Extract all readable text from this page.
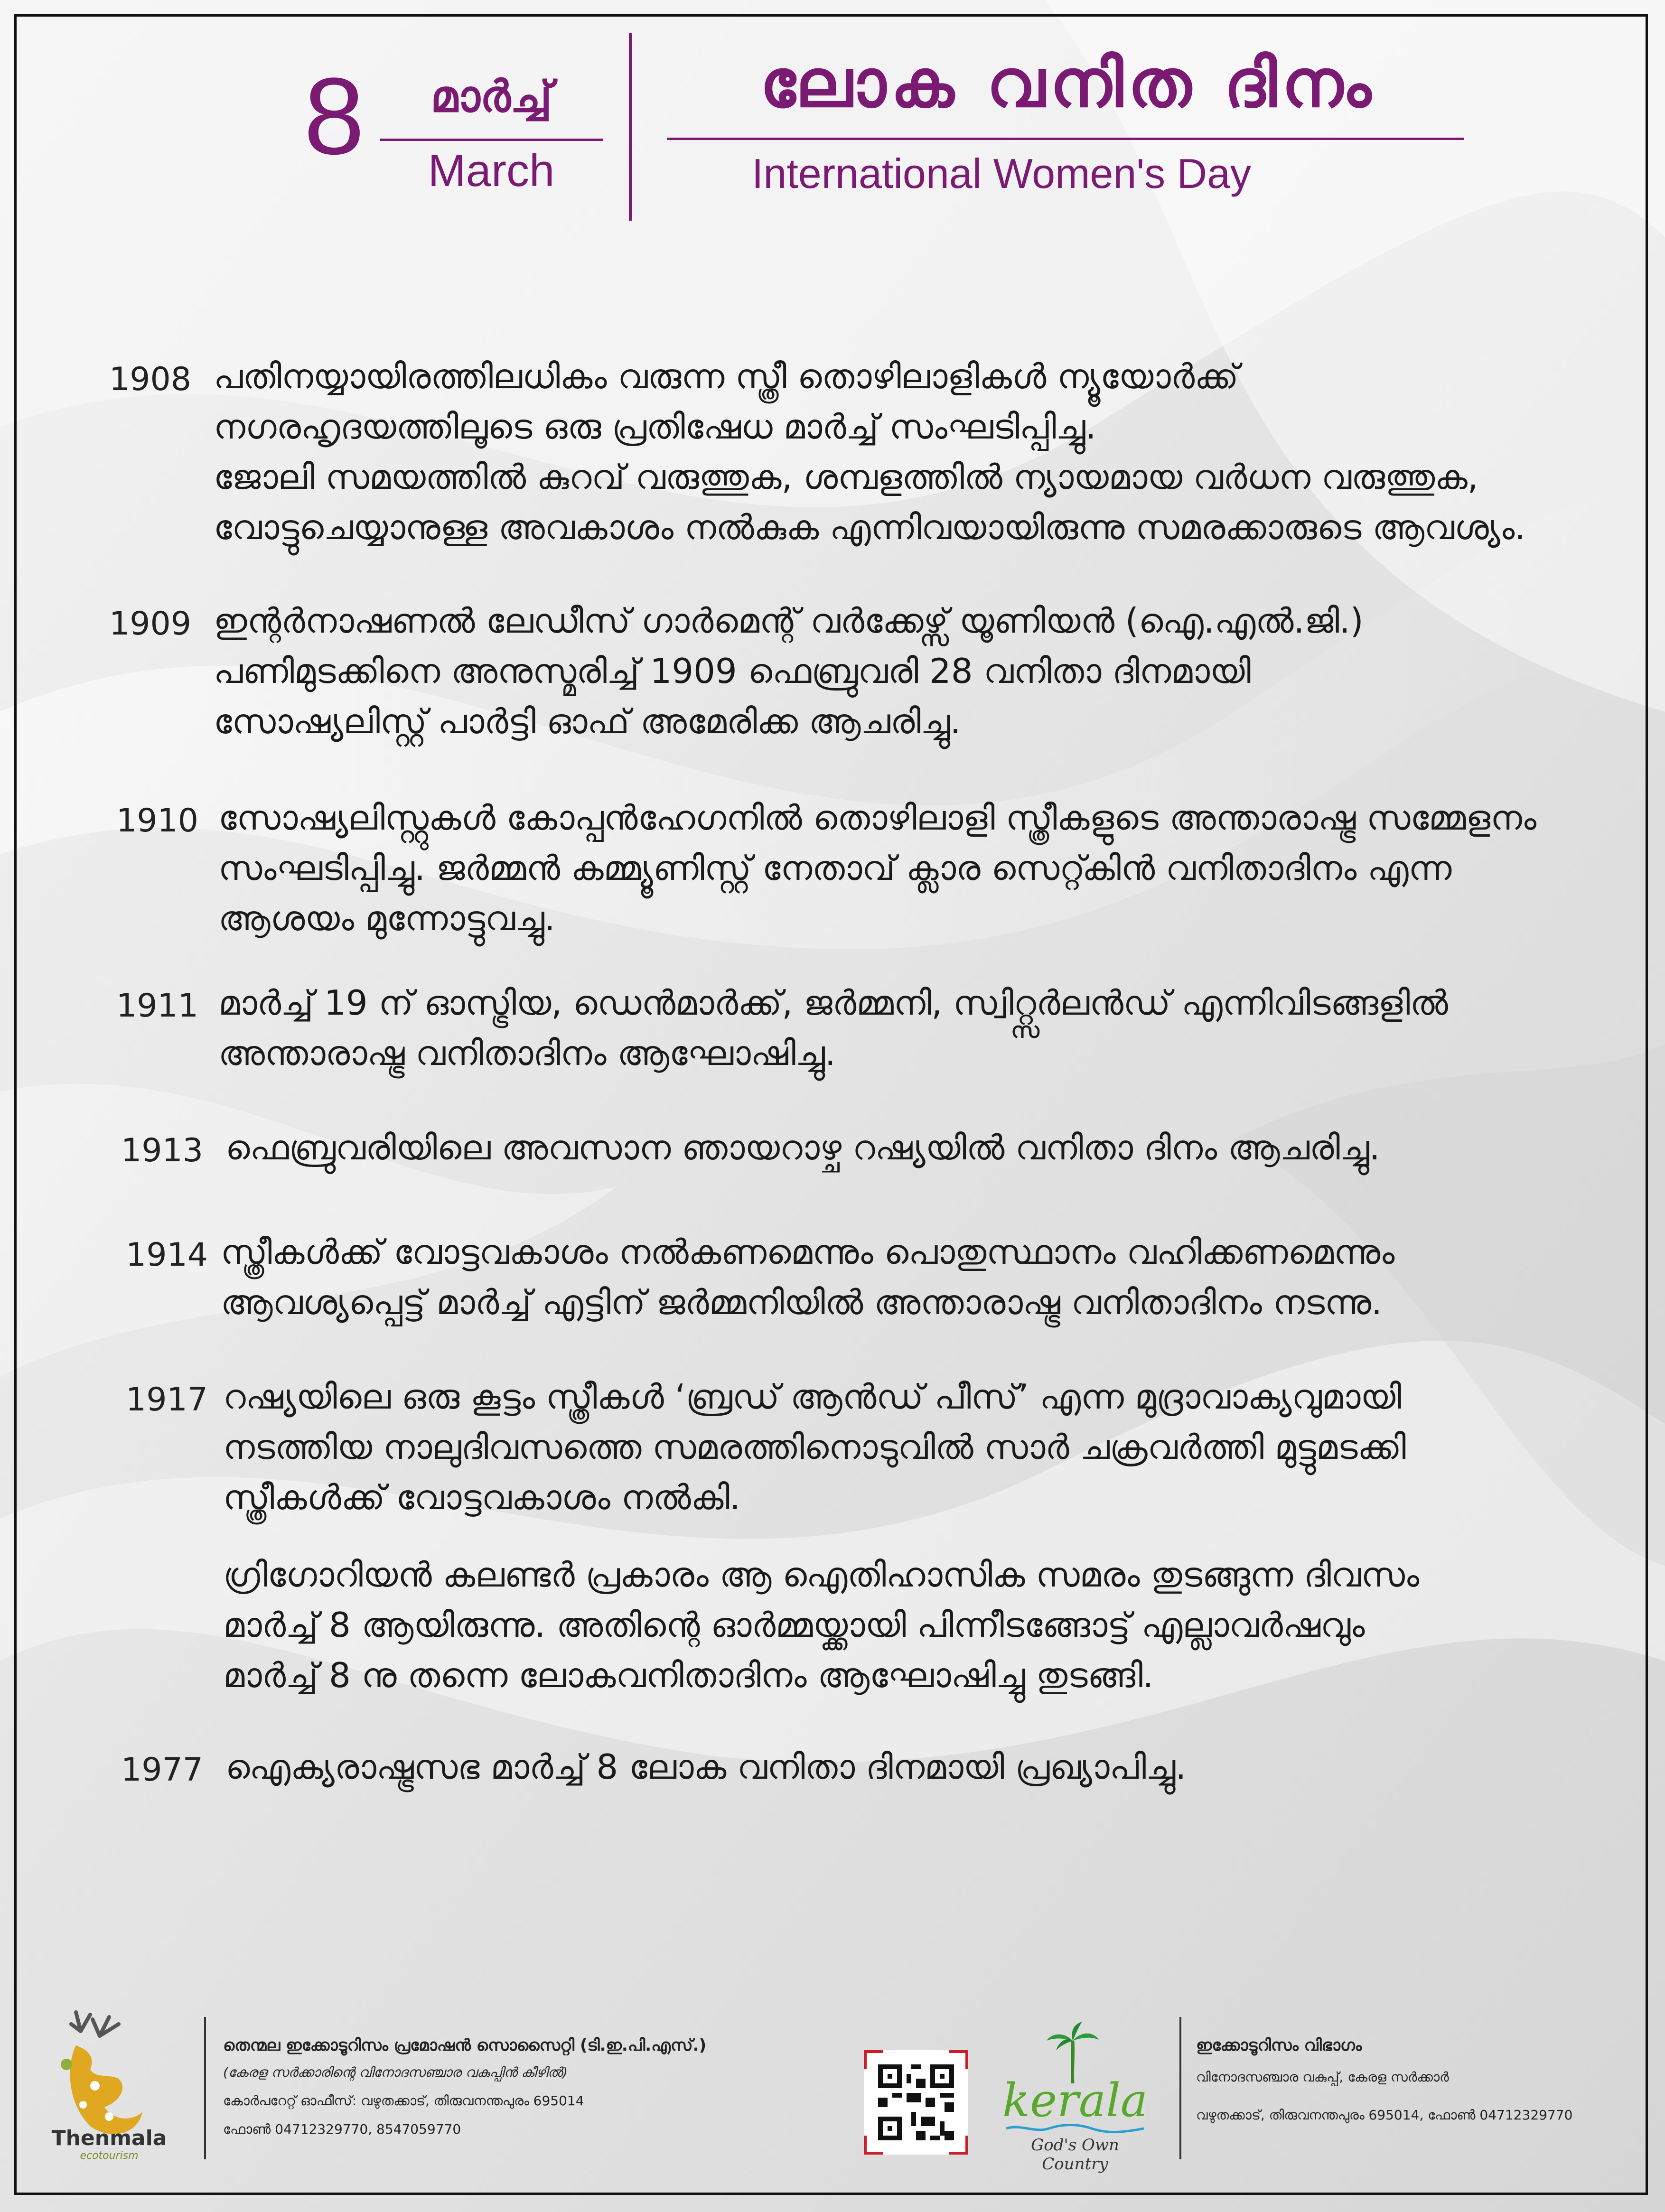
8	മാർച്ച്
March
ലോക വനിത ദിനം
International Women's Day
1908 പതിനയ്യായിരത്തിലധികം വരുന്ന സ്ത്രീ തൊഴിലാളികൾ ന്യൂയോർക്ക്
നഗരഹൃദയത്തിലൂടെ ഒരു പ്രതിഷേധ മാർച്ച് സംഘടിപ്പിച്ചു.
ജോലി സമയത്തിൽ കുറവ് വരുത്തുക, ശമ്പളത്തിൽ ന്യായമായ വർധന വരുത്തുക,
വോട്ടുചെയ്യാനുള്ള അവകാശം നൽകുക എന്നിവയായിരുന്നു സമരക്കാരുടെ ആവശ്യം.
1909 ഇന്റർനാഷണൽ ലേഡീസ് ഗാർമെന്റ് വർക്കേഴ്സ് യൂണിയൻ (ഐ.എൽ.ജി.)
പണിമുടക്കിനെ അനുസ്മരിച്ച് 1909 ഫെബ്രുവരി 28 വനിതാ ദിനമായി
സോഷ്യലിസ്റ്റ് പാർട്ടി ഓഫ് അമേരിക്ക ആചരിച്ചു.
1910 സോഷ്യലിസ്റ്റുകൾ കോപ്പൻഹേഗനിൽ തൊഴിലാളി സ്ത്രീകളുടെ അന്താരാഷ്ട്ര സമ്മേളനം
സംഘടിപ്പിച്ചു. ജർമ്മൻ കമ്മ്യൂണിസ്റ്റ് നേതാവ് ക്ലാര സെറ്റ്കിൻ വനിതാദിനം എന്ന
ആശയം മുന്നോട്ടുവച്ചു.
1911 മാർച്ച് 19 ന് ഓസ്ട്രിയ, ഡെൻമാർക്ക്, ജർമ്മനി, സ്വിറ്റ്സർലൻഡ് എന്നിവിടങ്ങളിൽ
അന്താരാഷ്ട്ര വനിതാദിനം ആഘോഷിച്ചു.
1913 ഫെബ്രുവരിയിലെ അവസാന ഞായറാഴ്ച റഷ്യയിൽ വനിതാ ദിനം ആചരിച്ചു.
1914 സ്ത്രീകൾക്ക് വോട്ടവകാശം നൽകണമെന്നും പൊതുസ്ഥാനം വഹിക്കണമെന്നും
ആവശ്യപ്പെട്ട് മാർച്ച് എട്ടിന് ജർമ്മനിയിൽ അന്താരാഷ്ട്ര വനിതാദിനം നടന്നു.
1917 റഷ്യയിലെ ഒരു കൂട്ടം സ്ത്രീകൾ ‘ബ്രഡ് ആൻഡ് പീസ്’ എന്ന മുദ്രാവാക്യവുമായി
നടത്തിയ നാലുദിവസത്തെ സമരത്തിനൊടുവിൽ സാർ ചക്രവർത്തി മുട്ടുമടക്കി
സ്ത്രീകൾക്ക് വോട്ടവകാശം നൽകി.
ഗ്രിഗോറിയൻ കലണ്ടർ പ്രകാരം ആ ഐതിഹാസിക സമരം തുടങ്ങുന്ന ദിവസം
മാർച്ച് 8 ആയിരുന്നു. അതിന്റെ ഓർമ്മയ്ക്കായി പിന്നീടങ്ങോട്ട് എല്ലാവർഷവും
മാർച്ച് 8 നു തന്നെ ലോകവനിതാദിനം ആഘോഷിച്ചു തുടങ്ങി.
1977 ഐക്യരാഷ്ട്രസഭ മാർച്ച് 8 ലോക വനിതാ ദിനമായി പ്രഖ്യാപിച്ചു.
Thenmala
ecotourism
തെന്മല ഇക്കോടൂറിസം പ്രമോഷൻ സൊസൈറ്റി (ടി.ഇ.പി.എസ്.)
(കേരള സർക്കാരിന്റെ വിനോദസഞ്ചാര വകുപ്പിൻ കീഴിൽ)
കോർപറേറ്റ് ഓഫീസ്: വഴുതക്കാട്, തിരുവനന്തപുരം 695014
ഫോൺ 04712329770, 8547059770
kerala
God's Own Country
ഇക്കോടൂറിസം വിഭാഗം
വിനോദസഞ്ചാര വകുപ്പ്, കേരള സർക്കാർ
വഴുതക്കാട്, തിരുവനന്തപുരം 695014, ഫോൺ 04712329770
